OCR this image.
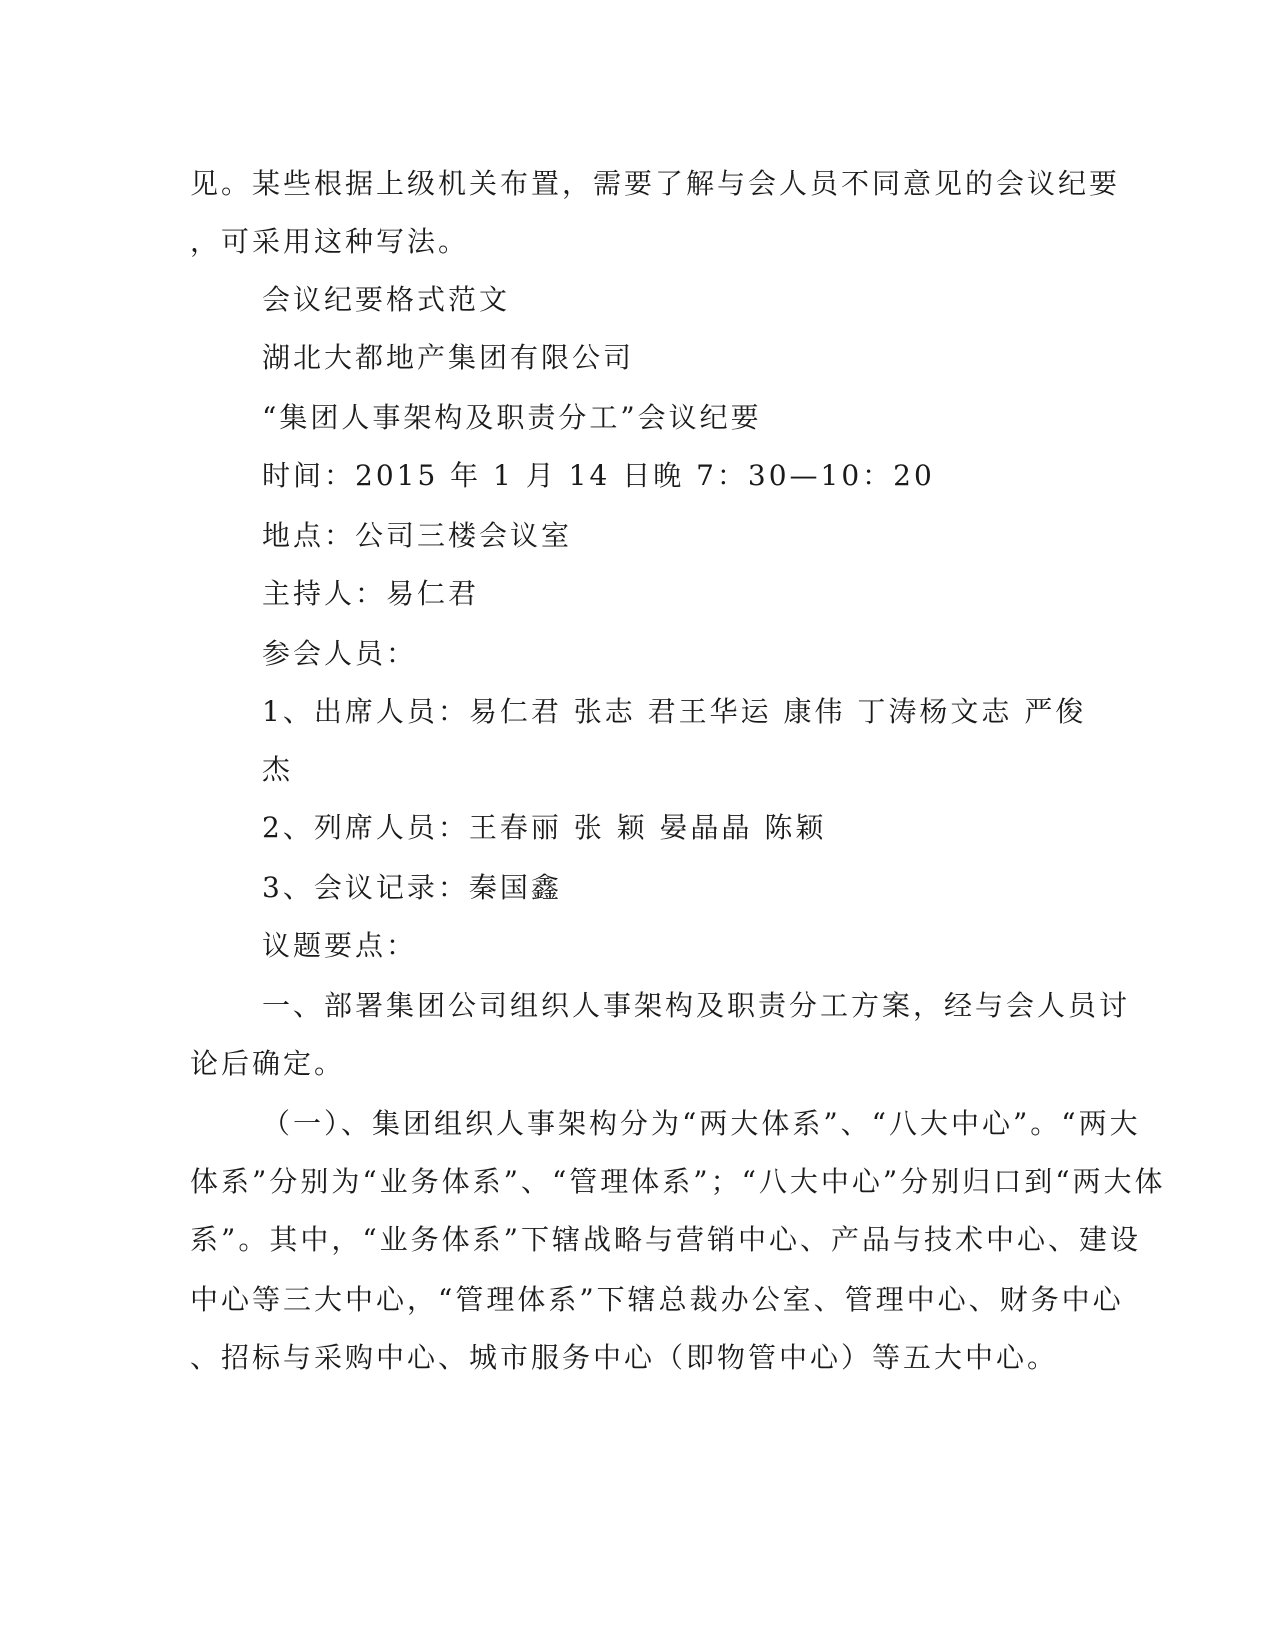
见。某些根据上级机关布置，需要了解与会人员不同意见的会议纪要

，可采用这种写法。

会议纪要格式范文

湖北大都地产集团有限公司

“集团人事架构及职责分工”会议纪要

时间：2015 年 1 月 14 日晚 7：30—10：20

地点：公司三楼会议室

主持人：易仁君

参会人员：

1、出席人员：易仁君 张志 君王华运 康伟 丁涛杨文志 严俊

杰

2、列席人员：王春丽 张 颖 晏晶晶 陈颖

3、会议记录：秦国鑫

议题要点：

一、部署集团公司组织人事架构及职责分工方案，经与会人员讨

论后确定。

（一）、集团组织人事架构分为“两大体系”、“八大中心”。“两大

体系”分别为“业务体系”、“管理体系”；“八大中心”分别归口到“两大体

系”。其中，“业务体系”下辖战略与营销中心、产品与技术中心、建设

中心等三大中心，“管理体系”下辖总裁办公室、管理中心、财务中心

、招标与采购中心、城市服务中心（即物管中心）等五大中心。
